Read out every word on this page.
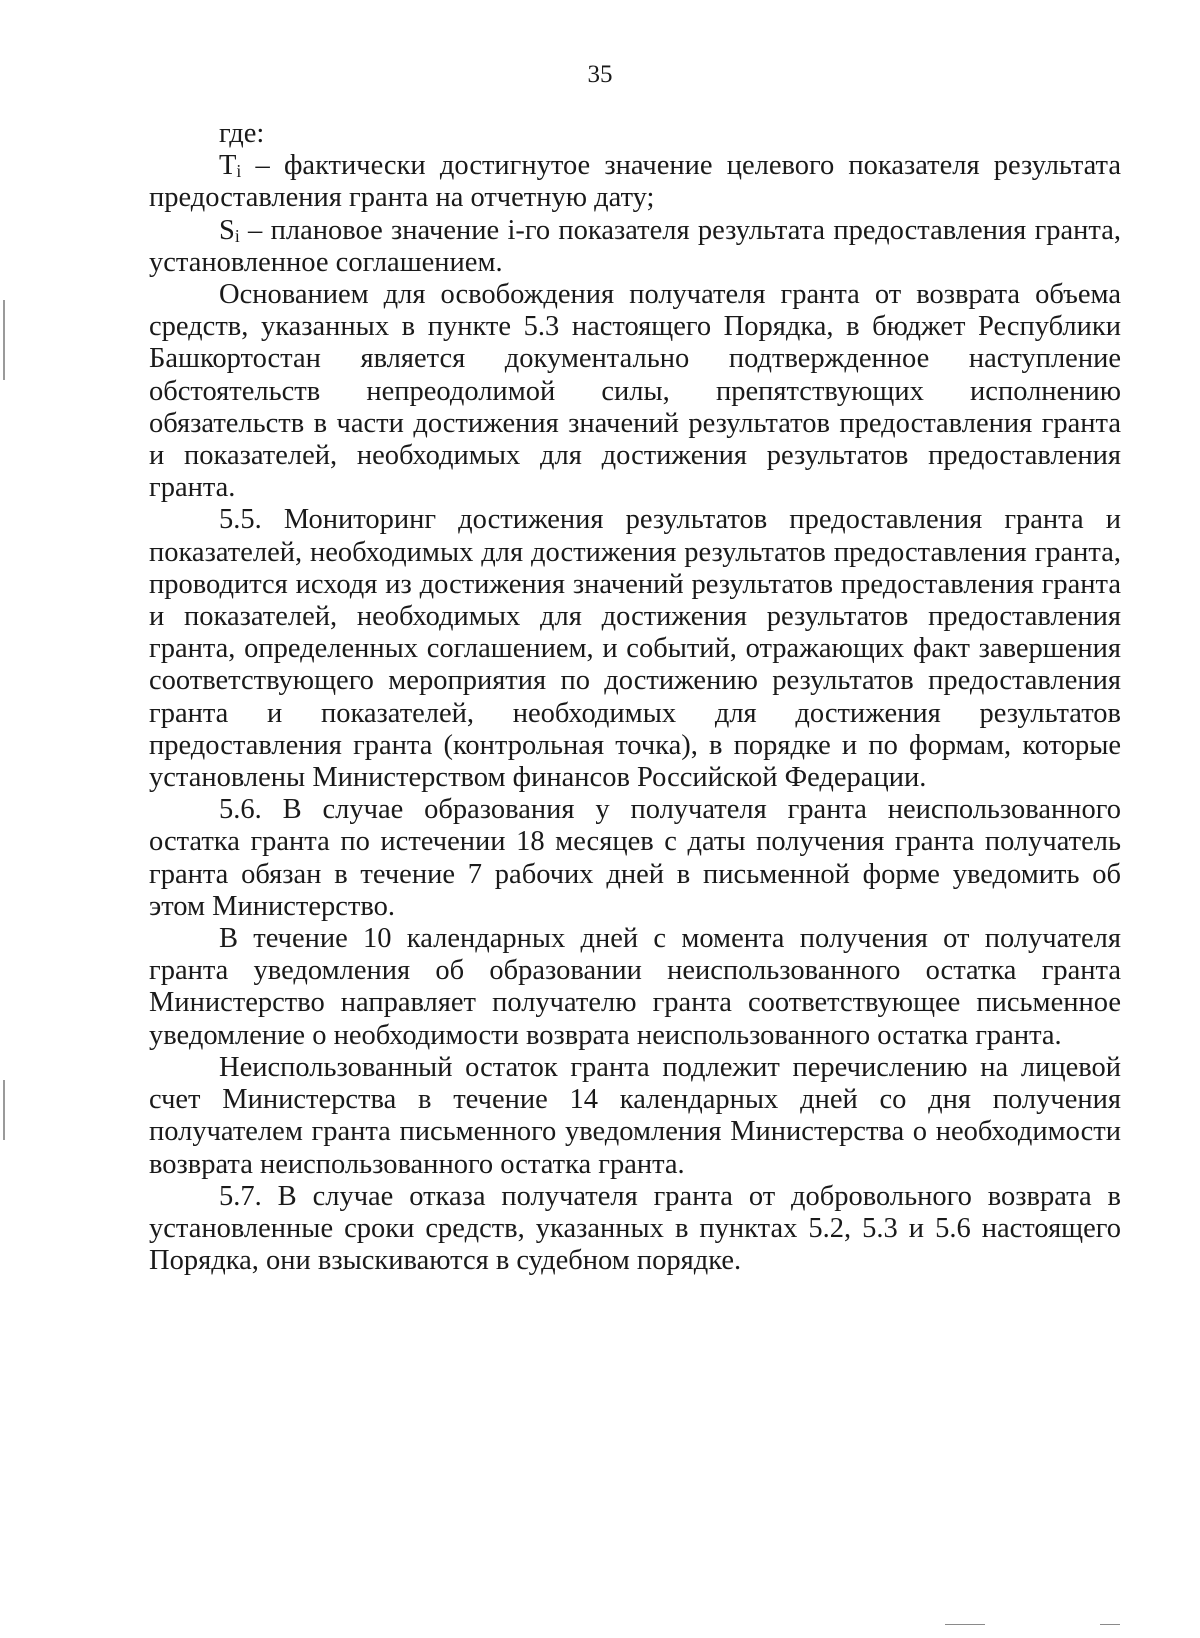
35

где:

$T_i$ – фактически достигнутое значение целевого показателя результата предоставления гранта на отчетную дату;

$S_i$ – плановое значение i-го показателя результата предоставления гранта, установленное соглашением.

Основанием для освобождения получателя гранта от возврата объема средств, указанных в пункте 5.3 настоящего Порядка, в бюджет Республики Башкортостан является документально подтвержденное наступление обстоятельств непреодолимой силы, препятствующих исполнению обязательств в части достижения значений результатов предоставления гранта и показателей, необходимых для достижения результатов предоставления гранта.

5.5. Мониторинг достижения результатов предоставления гранта и показателей, необходимых для достижения результатов предоставления гранта, проводится исходя из достижения значений результатов предоставления гранта и показателей, необходимых для достижения результатов предоставления гранта, определенных соглашением, и событий, отражающих факт завершения соответствующего мероприятия по достижению результатов предоставления гранта и показателей, необходимых для достижения результатов предоставления гранта (контрольная точка), в порядке и по формам, которые установлены Министерством финансов Российской Федерации.

5.6. В случае образования у получателя гранта неиспользованного остатка гранта по истечении 18 месяцев с даты получения гранта получатель гранта обязан в течение 7 рабочих дней в письменной форме уведомить об этом Министерство.

В течение 10 календарных дней с момента получения от получателя гранта уведомления об образовании неиспользованного остатка гранта Министерство направляет получателю гранта соответствующее письменное уведомление о необходимости возврата неиспользованного остатка гранта.

Неиспользованный остаток гранта подлежит перечислению на лицевой счет Министерства в течение 14 календарных дней со дня получения получателем гранта письменного уведомления Министерства о необходимости возврата неиспользованного остатка гранта.

5.7. В случае отказа получателя гранта от добровольного возврата в установленные сроки средств, указанных в пунктах 5.2, 5.3 и 5.6 настоящего Порядка, они взыскиваются в судебном порядке.
